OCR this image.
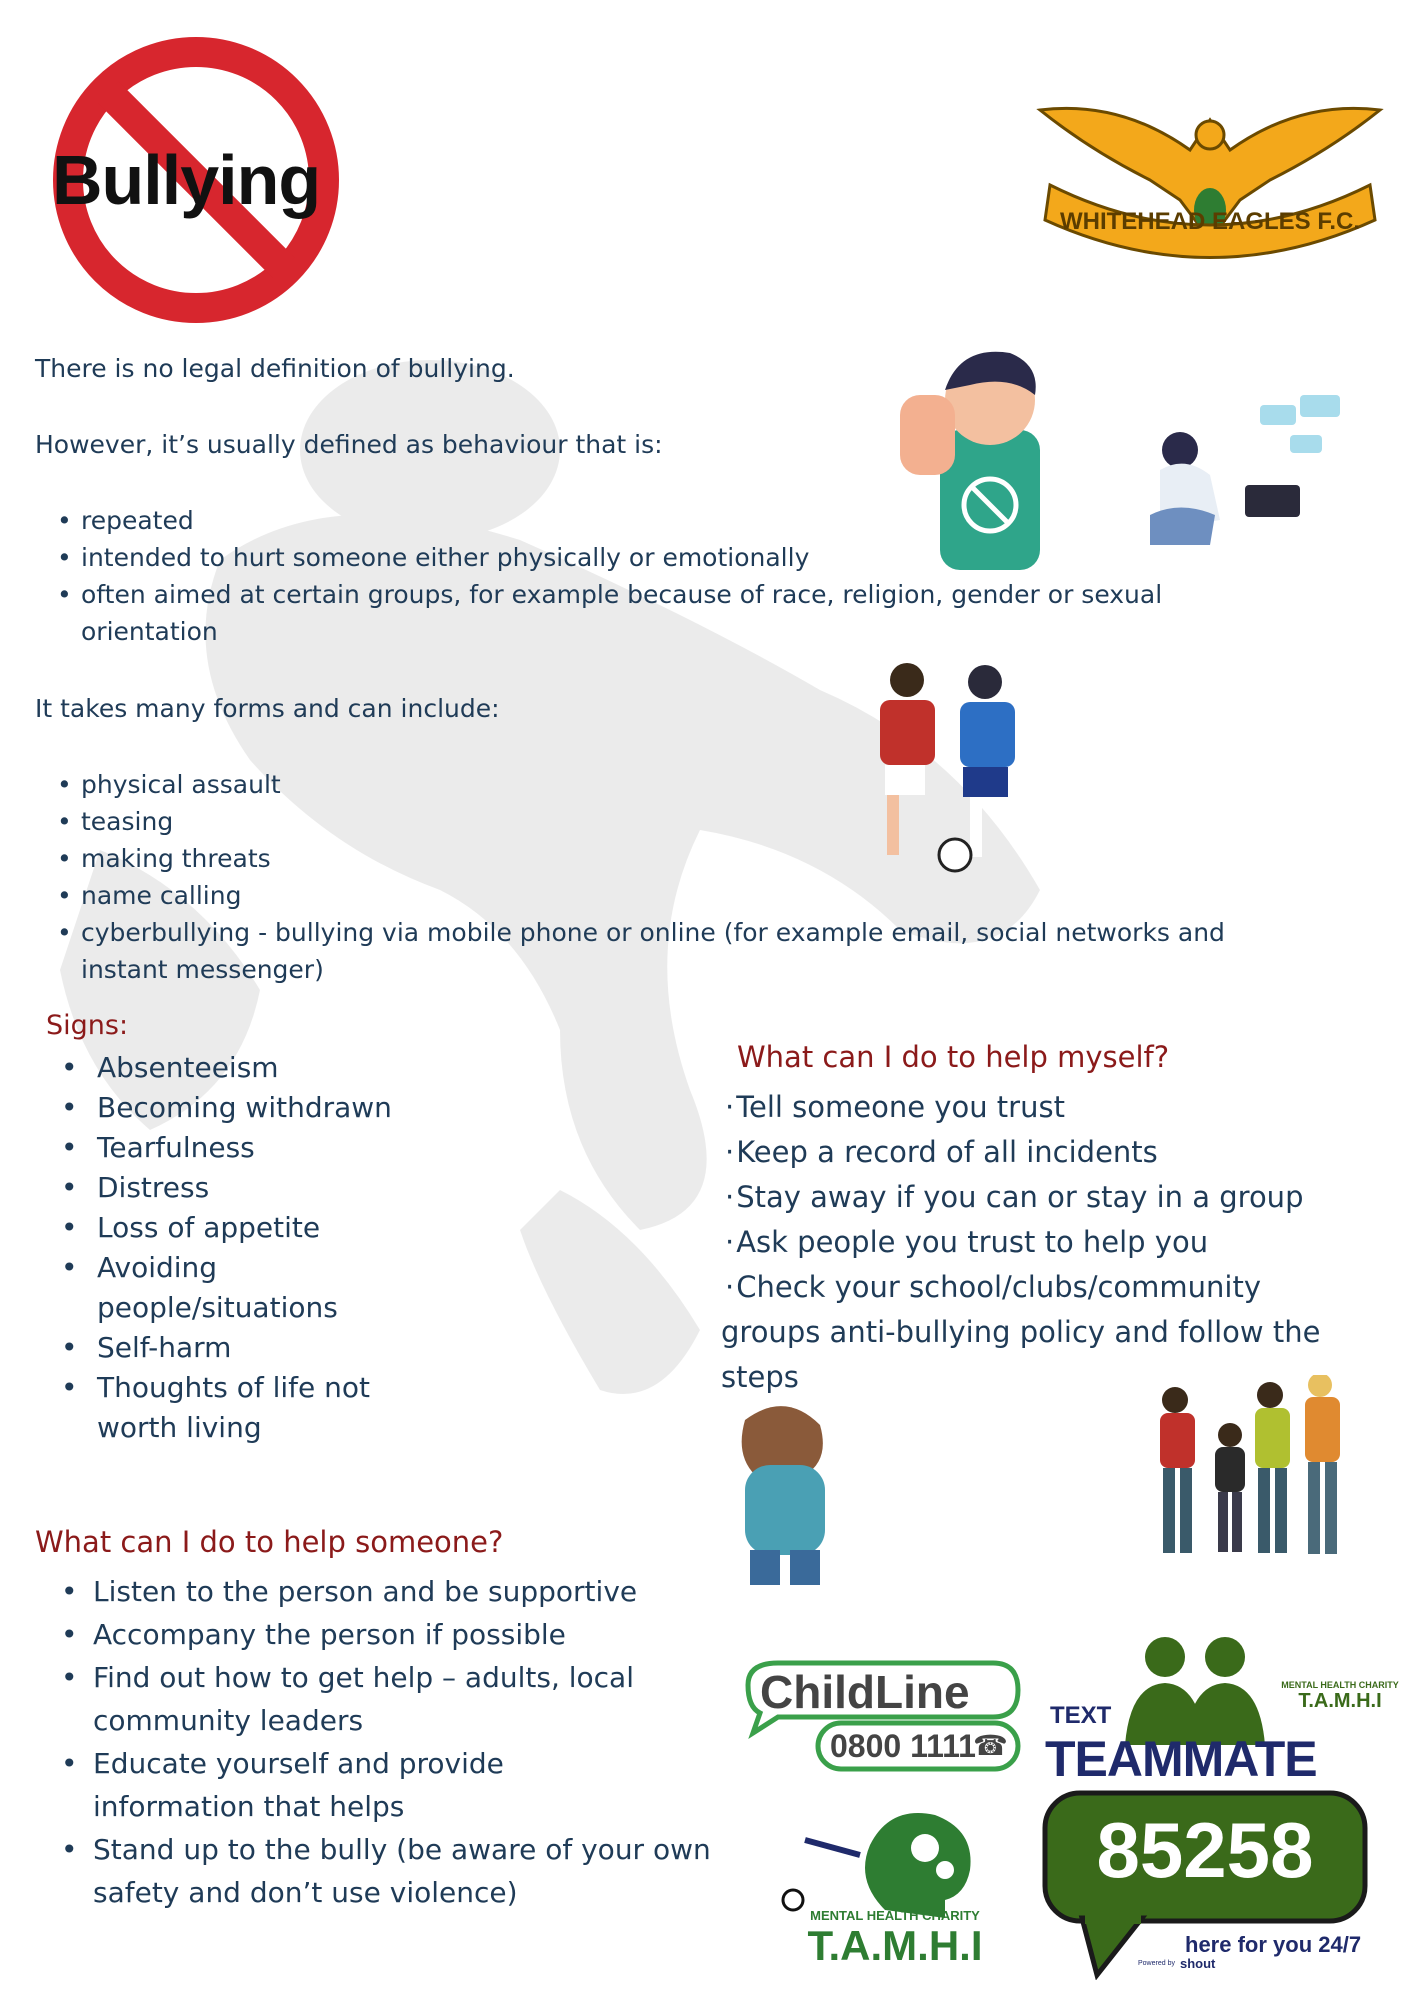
Bullying
WHITEHEAD EAGLES F.C.
There is no legal definition of bullying.
However, it’s usually defined as behaviour that is:
• repeated
• intended to hurt someone either physically or emotionally
• often aimed at certain groups, for example because of race, religion, gender or sexual orientation
It takes many forms and can include:
• physical assault
• teasing
• making threats
• name calling
• cyberbullying - bullying via mobile phone or online (for example email, social networks and instant messenger)
Signs:
• Absenteeism
• Becoming withdrawn
• Tearfulness
• Distress
• Loss of appetite
• Avoiding people/situations
• Self-harm
• Thoughts of life not worth living
What can I do to help myself?
· Tell someone you trust
· Keep a record of all incidents
· Stay away if you can or stay in a group
· Ask people you trust to help you
· Check your school/clubs/community
groups anti-bullying policy and follow the steps
What can I do to help someone?
• Listen to the person and be supportive
• Accompany the person if possible
• Find out how to get help – adults, local community leaders
• Educate yourself and provide information that helps
• Stand up to the bully (be aware of your own safety and don’t use violence)
ChildLine
0800 1111
☎
MENTAL HEALTH CHARITY
T.A.M.H.I
MENTAL HEALTH CHARITY
T.A.M.H.I
TEXT
TEAMMATE
85258
here for you 24/7
Powered by shout
